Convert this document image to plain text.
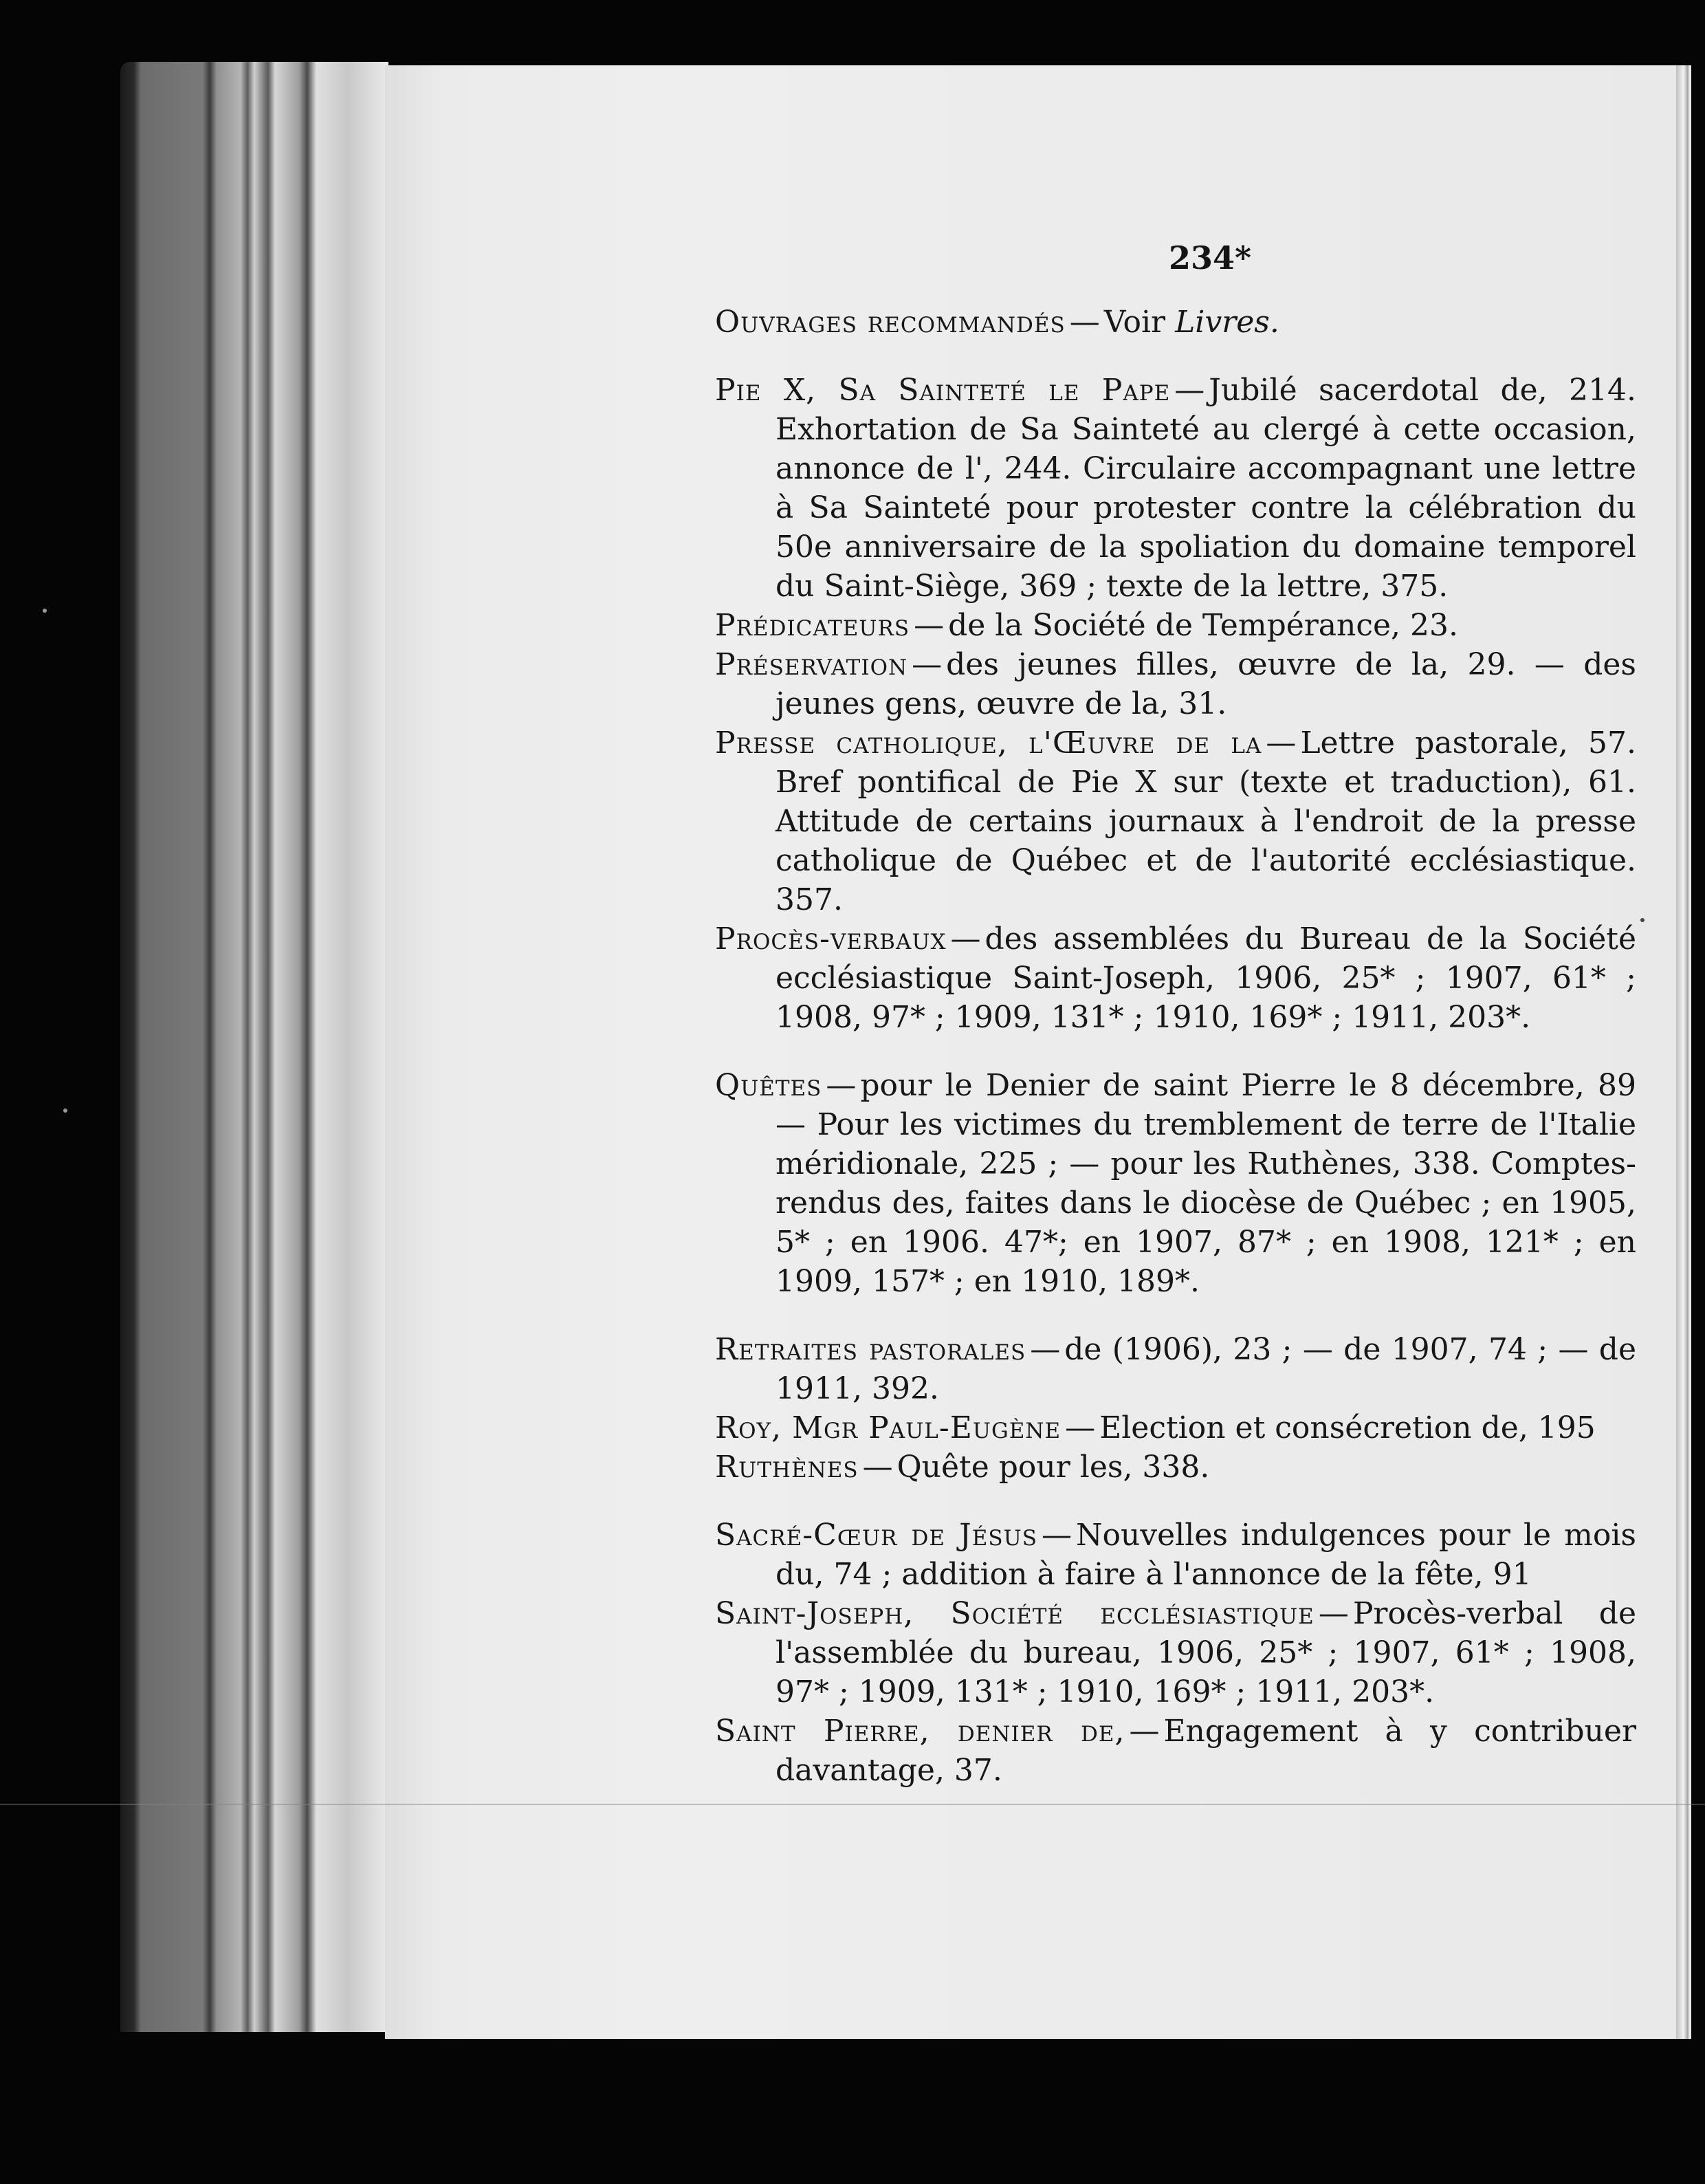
234*

Ouvrages recommandés — Voir Livres.

Pie X, Sa Sainteté le Pape — Jubilé sacerdotal de, 214. Exhortation de Sa Sainteté au clergé à cette occasion, annonce de l', 244. Circulaire accompagnant une lettre à Sa Sainteté pour protester contre la célébration du 50e anniversaire de la spoliation du domaine temporel du Saint-Siège, 369 ; texte de la lettre, 375.

Prédicateurs — de la Société de Tempérance, 23.

Préservation — des jeunes filles, œuvre de la, 29. — des jeunes gens, œuvre de la, 31.

Presse catholique, l'Œuvre de la — Lettre pastorale, 57. Bref pontifical de Pie X sur (texte et traduction), 61. Attitude de certains journaux à l'endroit de la presse catholique de Québec et de l'autorité ecclésiastique. 357.

Procès-verbaux — des assemblées du Bureau de la Société ecclésiastique Saint-Joseph, 1906, 25* ; 1907, 61* ; 1908, 97* ; 1909, 131* ; 1910, 169* ; 1911, 203*.

Quêtes — pour le Denier de saint Pierre le 8 décembre, 89 — Pour les victimes du tremblement de terre de l'Italie méridionale, 225 ; — pour les Ruthènes, 338. Comptes-rendus des, faites dans le diocèse de Québec ; en 1905, 5* ; en 1906. 47*; en 1907, 87* ; en 1908, 121* ; en 1909, 157* ; en 1910, 189*.

Retraites pastorales — de (1906), 23 ; — de 1907, 74 ; — de 1911, 392.

Roy, Mgr Paul-Eugène — Election et consécretion de, 195

Ruthènes — Quête pour les, 338.

Sacré-Cœur de Jésus — Nouvelles indulgences pour le mois du, 74 ; addition à faire à l'annonce de la fête, 91

Saint-Joseph, Société ecclésiastique — Procès-verbal de l'assemblée du bureau, 1906, 25* ; 1907, 61* ; 1908, 97* ; 1909, 131* ; 1910, 169* ; 1911, 203*.

Saint Pierre, denier de, — Engagement à y contribuer davantage, 37.
